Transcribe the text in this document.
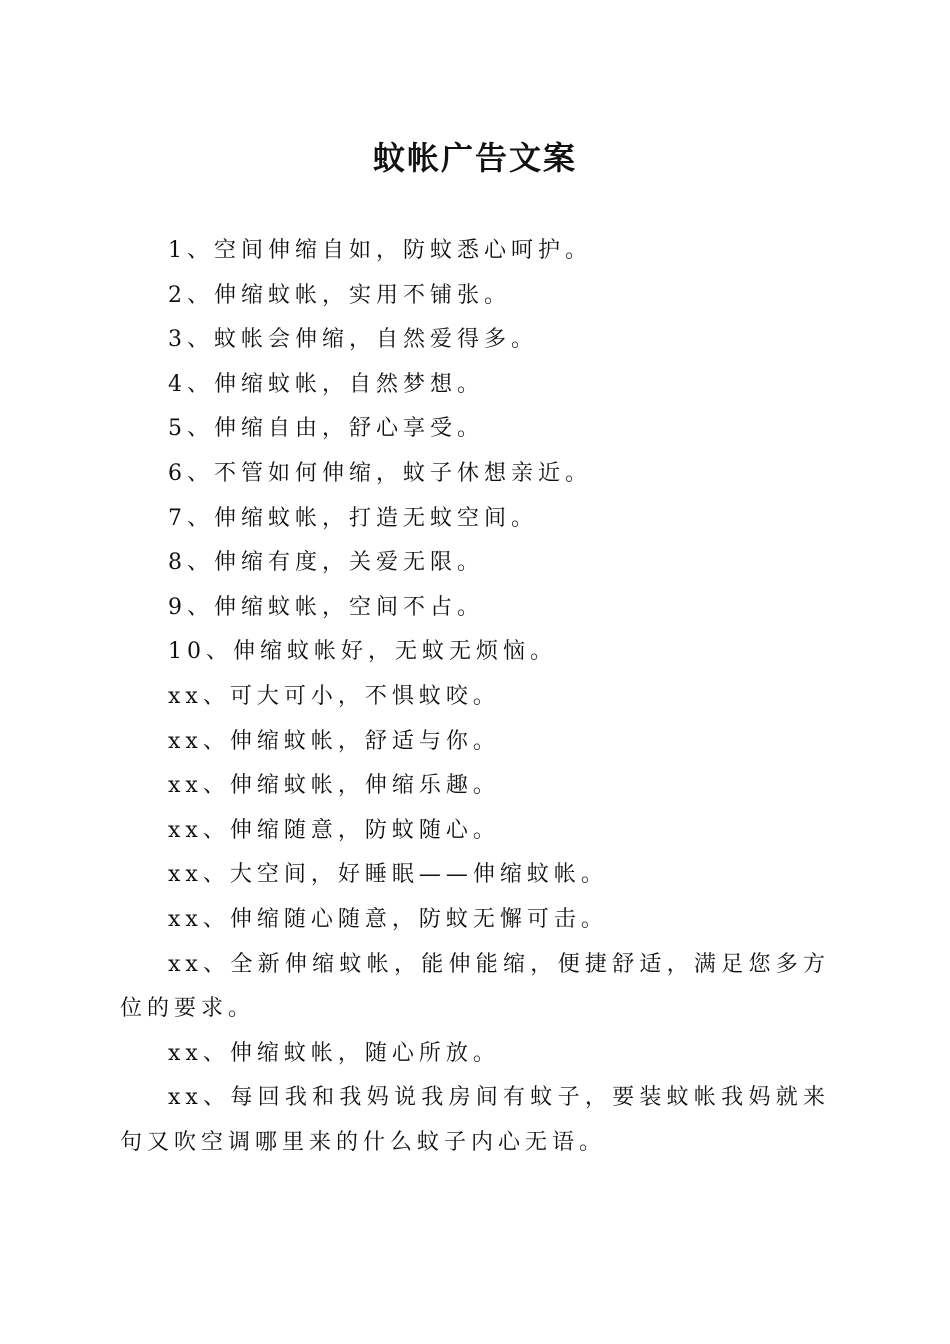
蚊帐广告文案

1、空间伸缩自如，防蚊悉心呵护。

2、伸缩蚊帐，实用不铺张。

3、蚊帐会伸缩，自然爱得多。

4、伸缩蚊帐，自然梦想。

5、伸缩自由，舒心享受。

6、不管如何伸缩，蚊子休想亲近。

7、伸缩蚊帐，打造无蚊空间。

8、伸缩有度，关爱无限。

9、伸缩蚊帐，空间不占。

10、伸缩蚊帐好，无蚊无烦恼。

xx、可大可小，不惧蚊咬。

xx、伸缩蚊帐，舒适与你。

xx、伸缩蚊帐，伸缩乐趣。

xx、伸缩随意，防蚊随心。

xx、大空间，好睡眠——伸缩蚊帐。

xx、伸缩随心随意，防蚊无懈可击。

xx、全新伸缩蚊帐，能伸能缩，便捷舒适，满足您多方位的要求。

xx、伸缩蚊帐，随心所放。

xx、每回我和我妈说我房间有蚊子，要装蚊帐我妈就来句又吹空调哪里来的什么蚊子内心无语。
